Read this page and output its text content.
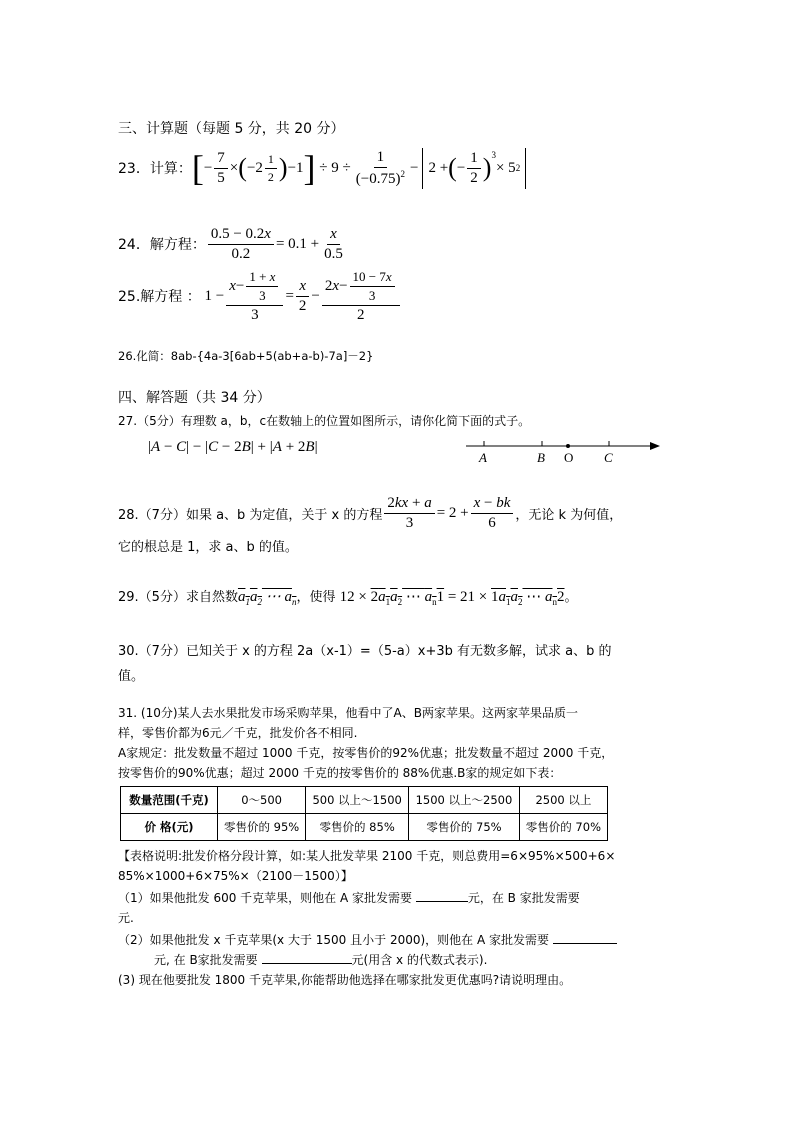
三、计算题（每题 5 分，共 20 分）
23．计算： [ − $\frac{7}{5}$ × ( $-2 \frac{1}{2}$ ) −1 ] ÷ $9 \div \frac{1}{(-0.75)^2} - 2$ + ( − $\frac{1}{2} )^3$
× 5 2
24．解方程： $\frac{0.5 - 0.2x}{0.2} = 0.1 + \frac{x}{0.5}$
25.解方程 ： $1 - \frac{x - \frac{1 + x}{3}}{3} = \frac{x}{2} - \frac{2 x - \frac{10 - 7x}{3}}{2}$
26.化简：8ab-{4a-3[6ab+5(ab+a-b)-7a]－2}
四、解答题（共 34 分）
27.（5分）有理数 a，b，c在数轴上的位置如图所示，请你化简下面的式子。
|A − C| − |C − 2B| + |A + 2B|
A	B O C
28.（7分）如果 a、b 为定值，关于 x 的方程 $\frac{2kx + a}{3} = 2 + \frac{x - bk}{6}$ ，无论 k 为何值，
它的根总是 1，求 a、b 的值。
29.（5分）求自然数$a_1a_2$ ⋯ $a_n$，使得 $12 \times 2a_1a_2$ ⋯ $a_n1 = 21 \times 1a_1a_2$ ⋯ $a_n2$。
30.（7分）已知关于 x 的方程 2a（x-1）=（5-a）x+3b 有无数多解，试求 a、b 的
值。
31. (10分)某人去水果批发市场采购苹果，他看中了A、B两家苹果。这两家苹果品质一
样，零售价都为6元／千克，批发价各不相同.
A家规定：批发数量不超过 1000 千克，按零售价的92%优惠；批发数量不超过 2000 千克，
按零售价的90%优惠；超过 2000 千克的按零售价的 88%优惠.B家的规定如下表：
数量范围(千克)	0～500	500 以上～1500	1500 以上～2500	2500 以上
价 格(元)	零售价的 95%	零售价的 85%	零售价的 75%	零售价的 70%
【表格说明:批发价格分段计算，如:某人批发苹果 2100 千克，则总费用=6×95%×500+6×
85%×1000+6×75%×（2100－1500）】
（1）如果他批发 600 千克苹果，则他在 A 家批发需要	元，在 B 家批发需要
元.
（2）如果他批发 x 千克苹果(x 大于 1500 且小于 2000)，则他在 A 家批发需要
元, 在 B家批发需要	元(用含 x 的代数式表示).
(3) 现在他要批发 1800 千克苹果,你能帮助他选择在哪家批发更优惠吗?请说明理由。
